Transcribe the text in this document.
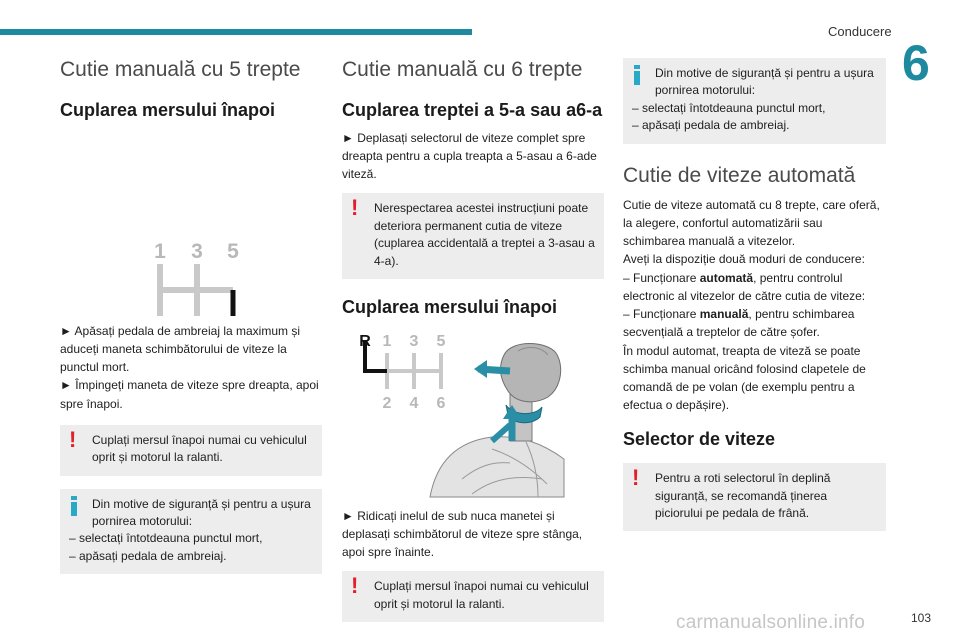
Conducere
6
Cutie manuală cu 5 trepte
Cuplarea mersului înapoi
1 3 5

► Apăsați pedala de ambreiaj la maximum și aduceți maneta schimbătorului de viteze la punctul mort.

► Împingeți maneta de viteze spre dreapta, apoi spre înapoi.

!	Cuplați mersul înapoi numai cu vehiculul oprit și motorul la ralanti.
Din motive de siguranță și pentru a ușura pornirea motorului:
– selectați întotdeauna punctul mort,
– apăsați pedala de ambreiaj.
Cutie manuală cu 6 trepte
Cuplarea treptei a 5-a sau a6-a

► Deplasați selectorul de viteze complet spre dreapta pentru a cupla treapta a 5-asau a 6-ade viteză.

!	Nerespectarea acestei instrucțiuni poate deteriora permanent cutia de viteze (cuplarea accidentală a treptei a 3-asau a 4-a).
Cuplarea mersului înapoi
R 1 3 5
2 4 6

► Ridicați inelul de sub nuca manetei și deplasați schimbătorul de viteze spre stânga, apoi spre înainte.

!	Cuplați mersul înapoi numai cu vehiculul oprit și motorul la ralanti.
Din motive de siguranță și pentru a ușura pornirea motorului:
– selectați întotdeauna punctul mort,
– apăsați pedala de ambreiaj.
Cutie de viteze automată

Cutie de viteze automată cu 8 trepte, care oferă, la alegere, confortul automatizării sau schimbarea manuală a vitezelor.

Aveți la dispoziție două moduri de conducere:

– Funcționare automată, pentru controlul electronic al vitezelor de către cutia de viteze:

– Funcționare manuală, pentru schimbarea secvențială a treptelor de către șofer.

În modul automat, treapta de viteză se poate schimba manual oricând folosind clapetele de comandă de pe volan (de exemplu pentru a efectua o depășire).

Selector de viteze
!	Pentru a roti selectorul în deplină siguranță, se recomandă ținerea piciorului pe pedala de frână.
carmanualsonline.info	103
